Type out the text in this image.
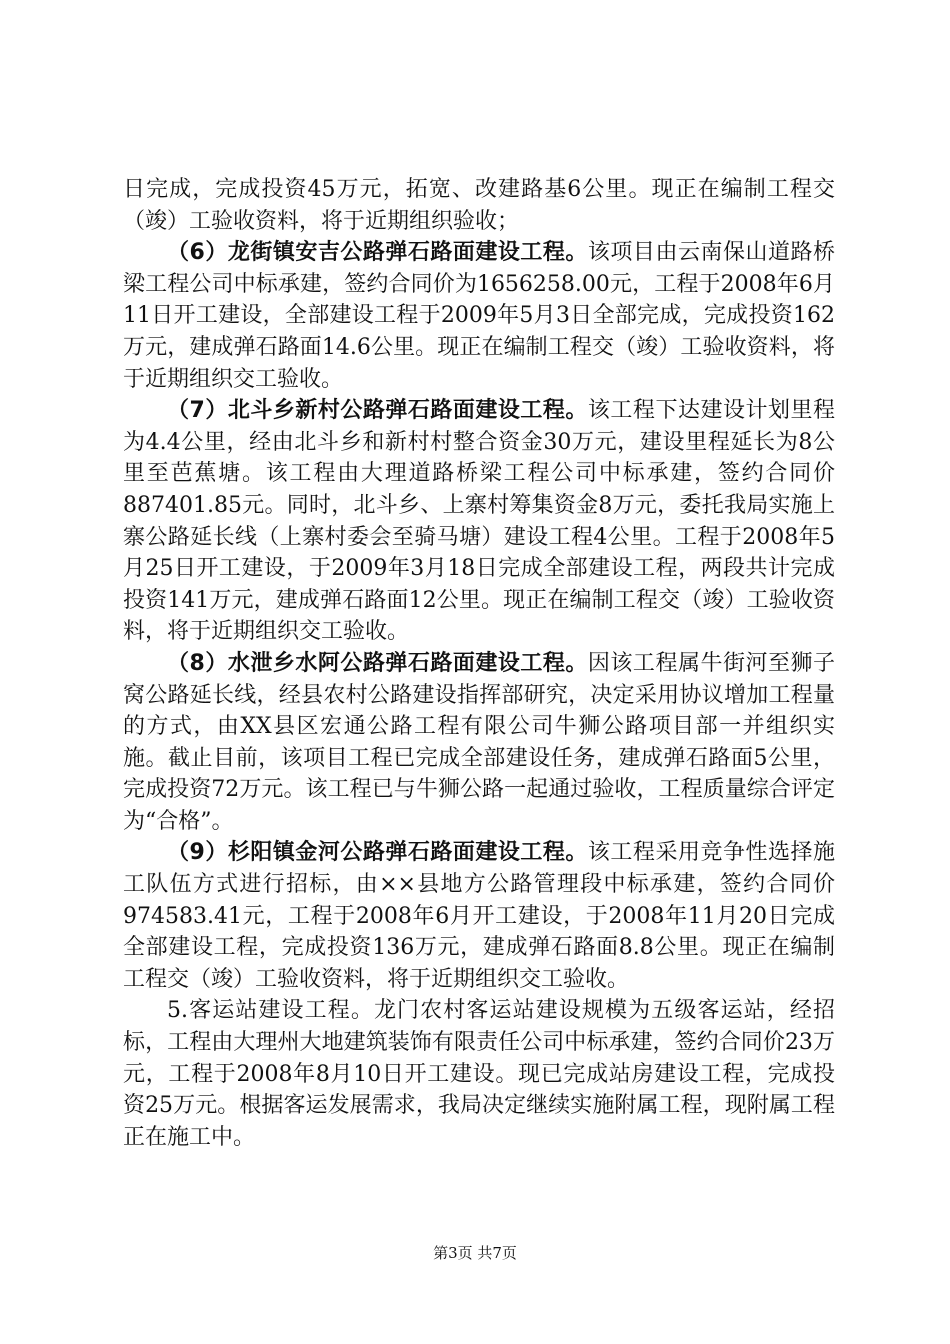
日完成，完成投资45万元，拓宽、改建路基6公里。现正在编制工程交（竣）工验收资料，将于近期组织验收；

（6）龙街镇安吉公路弹石路面建设工程。该项目由云南保山道路桥梁工程公司中标承建，签约合同价为1656258.00元，工程于2008年6月11日开工建设，全部建设工程于2009年5月3日全部完成，完成投资162万元，建成弹石路面14.6公里。现正在编制工程交（竣）工验收资料，将于近期组织交工验收。

（7）北斗乡新村公路弹石路面建设工程。该工程下达建设计划里程为4.4公里，经由北斗乡和新村村整合资金30万元，建设里程延长为8公里至芭蕉塘。该工程由大理道路桥梁工程公司中标承建，签约合同价887401.85元。同时，北斗乡、上寨村筹集资金8万元，委托我局实施上寨公路延长线（上寨村委会至骑马塘）建设工程4公里。工程于2008年5月25日开工建设，于2009年3月18日完成全部建设工程，两段共计完成投资141万元，建成弹石路面12公里。现正在编制工程交（竣）工验收资料，将于近期组织交工验收。

（8）水泄乡水阿公路弹石路面建设工程。因该工程属牛街河至狮子窝公路延长线，经县农村公路建设指挥部研究，决定采用协议增加工程量的方式，由XX县区宏通公路工程有限公司牛狮公路项目部一并组织实施。截止目前，该项目工程已完成全部建设任务，建成弹石路面5公里，完成投资72万元。该工程已与牛狮公路一起通过验收，工程质量综合评定为“合格”。

（9）杉阳镇金河公路弹石路面建设工程。该工程采用竞争性选择施工队伍方式进行招标，由××县地方公路管理段中标承建，签约合同价974583.41元，工程于2008年6月开工建设，于2008年11月20日完成全部建设工程，完成投资136万元，建成弹石路面8.8公里。现正在编制工程交（竣）工验收资料，将于近期组织交工验收。

5.客运站建设工程。龙门农村客运站建设规模为五级客运站，经招标，工程由大理州大地建筑装饰有限责任公司中标承建，签约合同价23万元，工程于2008年8月10日开工建设。现已完成站房建设工程，完成投资25万元。根据客运发展需求，我局决定继续实施附属工程，现附属工程正在施工中。

第3页 共7页
